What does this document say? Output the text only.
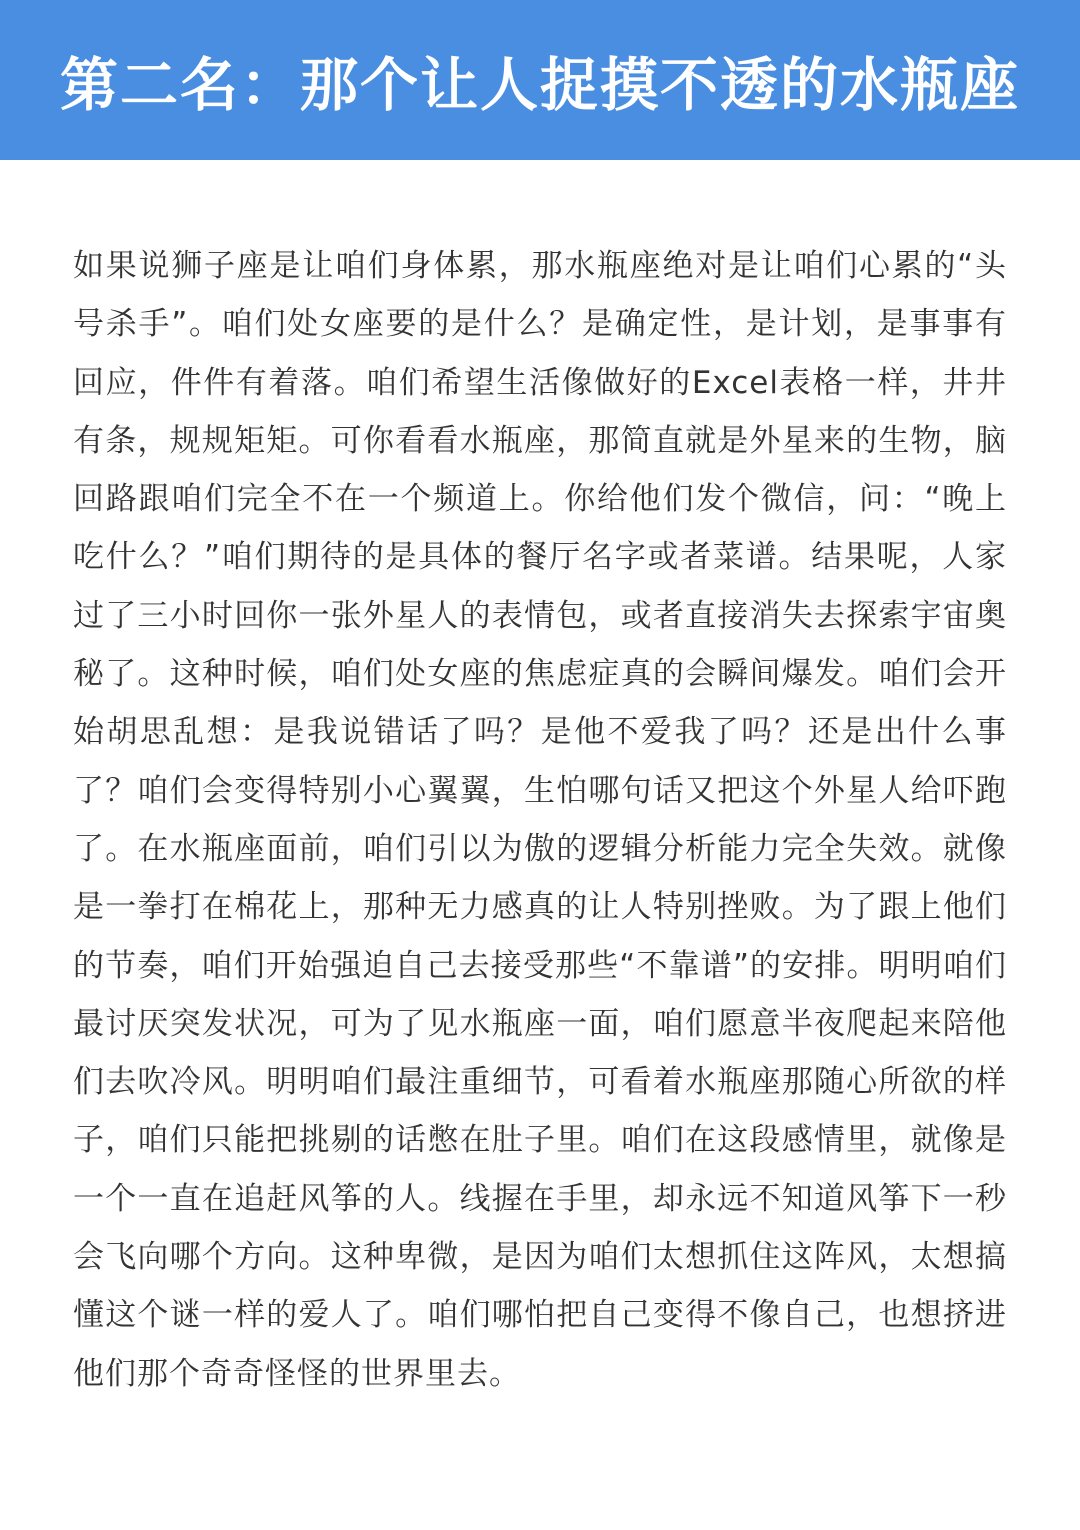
第二名：那个让人捉摸不透的水瓶座
如果说狮子座是让咱们身体累，那水瓶座绝对是让咱们心累的“头号杀手”。咱们处女座要的是什么？是确定性，是计划，是事事有回应，件件有着落。咱们希望生活像做好的Excel表格一样，井井有条，规规矩矩。可你看看水瓶座，那简直就是外星来的生物，脑回路跟咱们完全不在一个频道上。你给他们发个微信，问：“晚上吃什么？”咱们期待的是具体的餐厅名字或者菜谱。结果呢，人家过了三小时回你一张外星人的表情包，或者直接消失去探索宇宙奥秘了。这种时候，咱们处女座的焦虑症真的会瞬间爆发。咱们会开始胡思乱想：是我说错话了吗？是他不爱我了吗？还是出什么事了？咱们会变得特别小心翼翼，生怕哪句话又把这个外星人给吓跑了。在水瓶座面前，咱们引以为傲的逻辑分析能力完全失效。就像是一拳打在棉花上，那种无力感真的让人特别挫败。为了跟上他们的节奏，咱们开始强迫自己去接受那些“不靠谱”的安排。明明咱们最讨厌突发状况，可为了见水瓶座一面，咱们愿意半夜爬起来陪他们去吹冷风。明明咱们最注重细节，可看着水瓶座那随心所欲的样子，咱们只能把挑剔的话憋在肚子里。咱们在这段感情里，就像是一个一直在追赶风筝的人。线握在手里，却永远不知道风筝下一秒会飞向哪个方向。这种卑微，是因为咱们太想抓住这阵风，太想搞懂这个谜一样的爱人了。咱们哪怕把自己变得不像自己，也想挤进他们那个奇奇怪怪的世界里去。
